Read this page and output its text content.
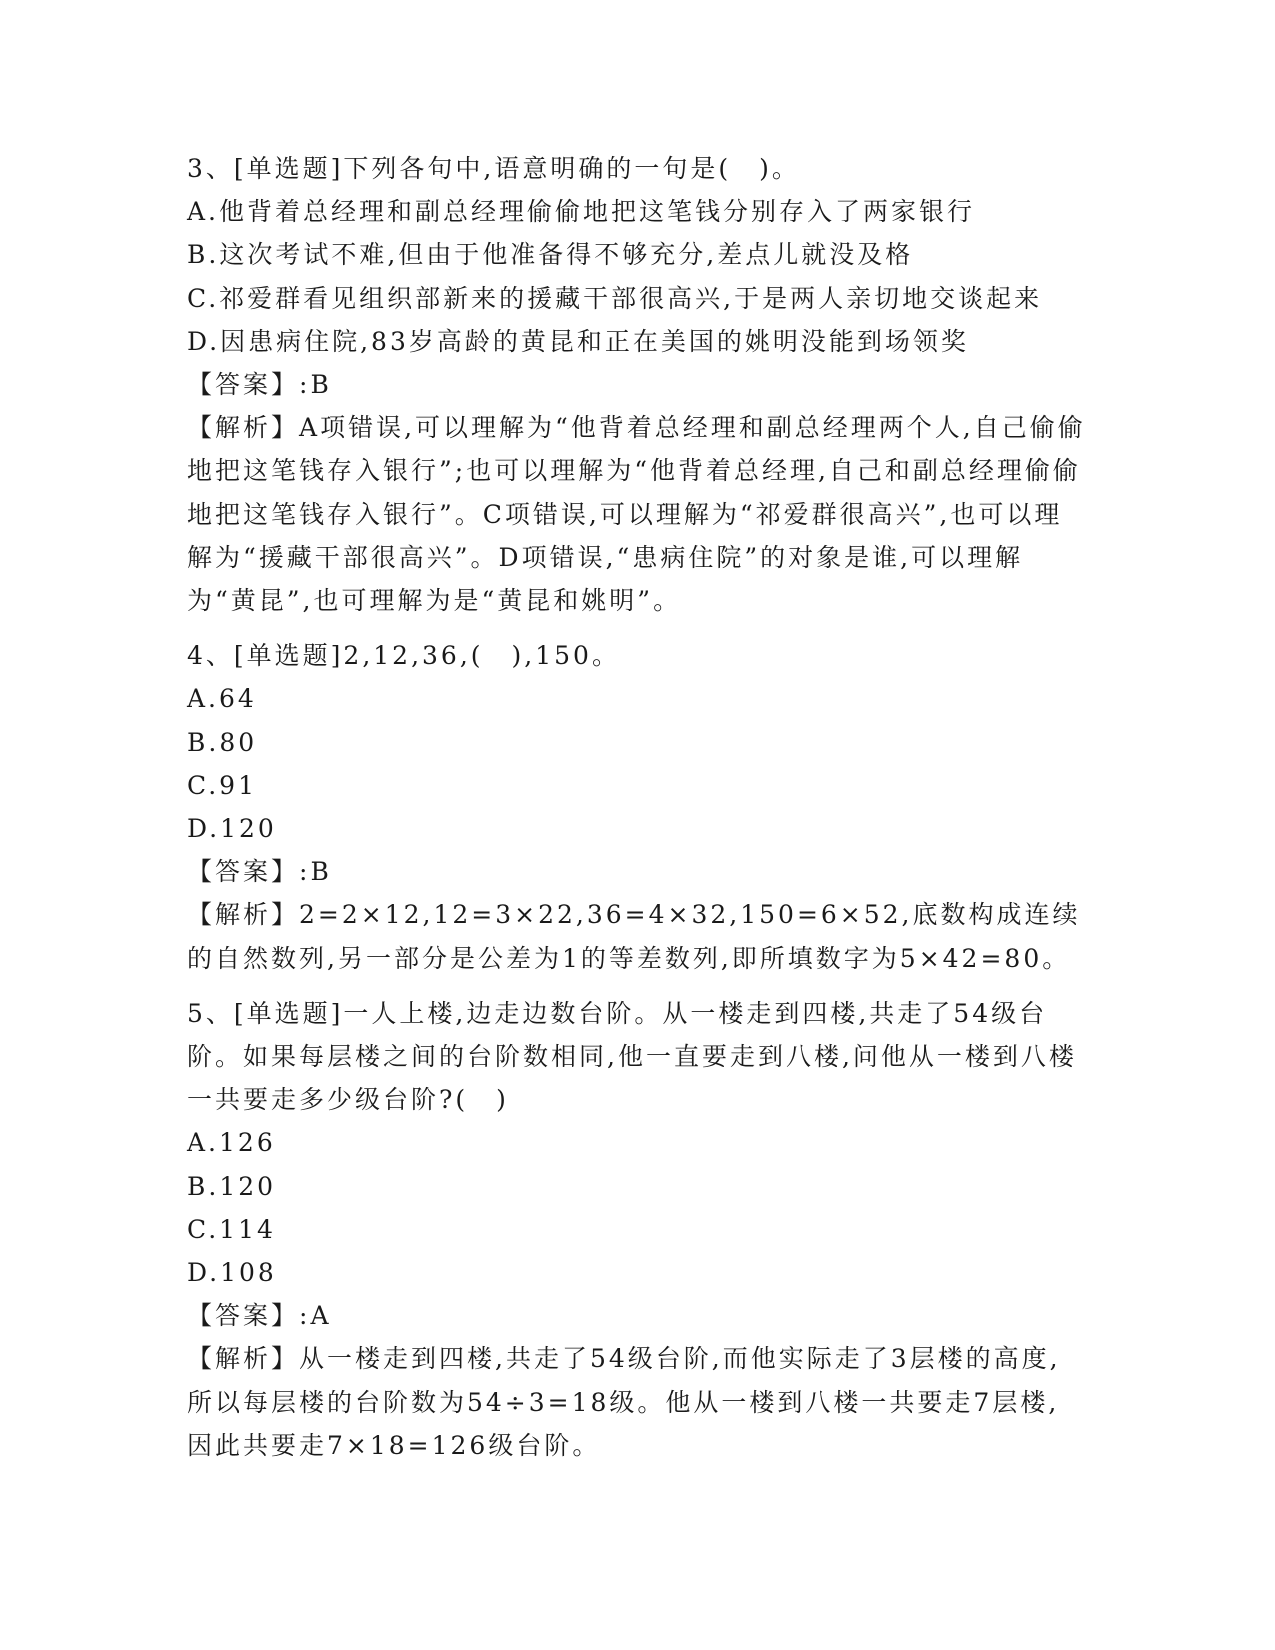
3、[单选题]下列各句中,语意明确的一句是(　)。
A.他背着总经理和副总经理偷偷地把这笔钱分别存入了两家银行
B.这次考试不难,但由于他准备得不够充分,差点儿就没及格
C.祁爱群看见组织部新来的援藏干部很高兴,于是两人亲切地交谈起来
D.因患病住院,83岁高龄的黄昆和正在美国的姚明没能到场领奖
【答案】:B
【解析】A项错误,可以理解为“他背着总经理和副总经理两个人,自己偷偷地把这笔钱存入银行”;也可以理解为“他背着总经理,自己和副总经理偷偷地把这笔钱存入银行”。C项错误,可以理解为“祁爱群很高兴”,也可以理解为“援藏干部很高兴”。D项错误,“患病住院”的对象是谁,可以理解为“黄昆”,也可理解为是“黄昆和姚明”。
4、[单选题]2,12,36,(　),150。
A.64
B.80
C.91
D.120
【答案】:B
【解析】2=2×12,12=3×22,36=4×32,150=6×52,底数构成连续的自然数列,另一部分是公差为1的等差数列,即所填数字为5×42=80。
5、[单选题]一人上楼,边走边数台阶。从一楼走到四楼,共走了54级台阶。如果每层楼之间的台阶数相同,他一直要走到八楼,问他从一楼到八楼一共要走多少级台阶?(　)
A.126
B.120
C.114
D.108
【答案】:A
【解析】从一楼走到四楼,共走了54级台阶,而他实际走了3层楼的高度,所以每层楼的台阶数为54÷3=18级。他从一楼到八楼一共要走7层楼,因此共要走7×18=126级台阶。
